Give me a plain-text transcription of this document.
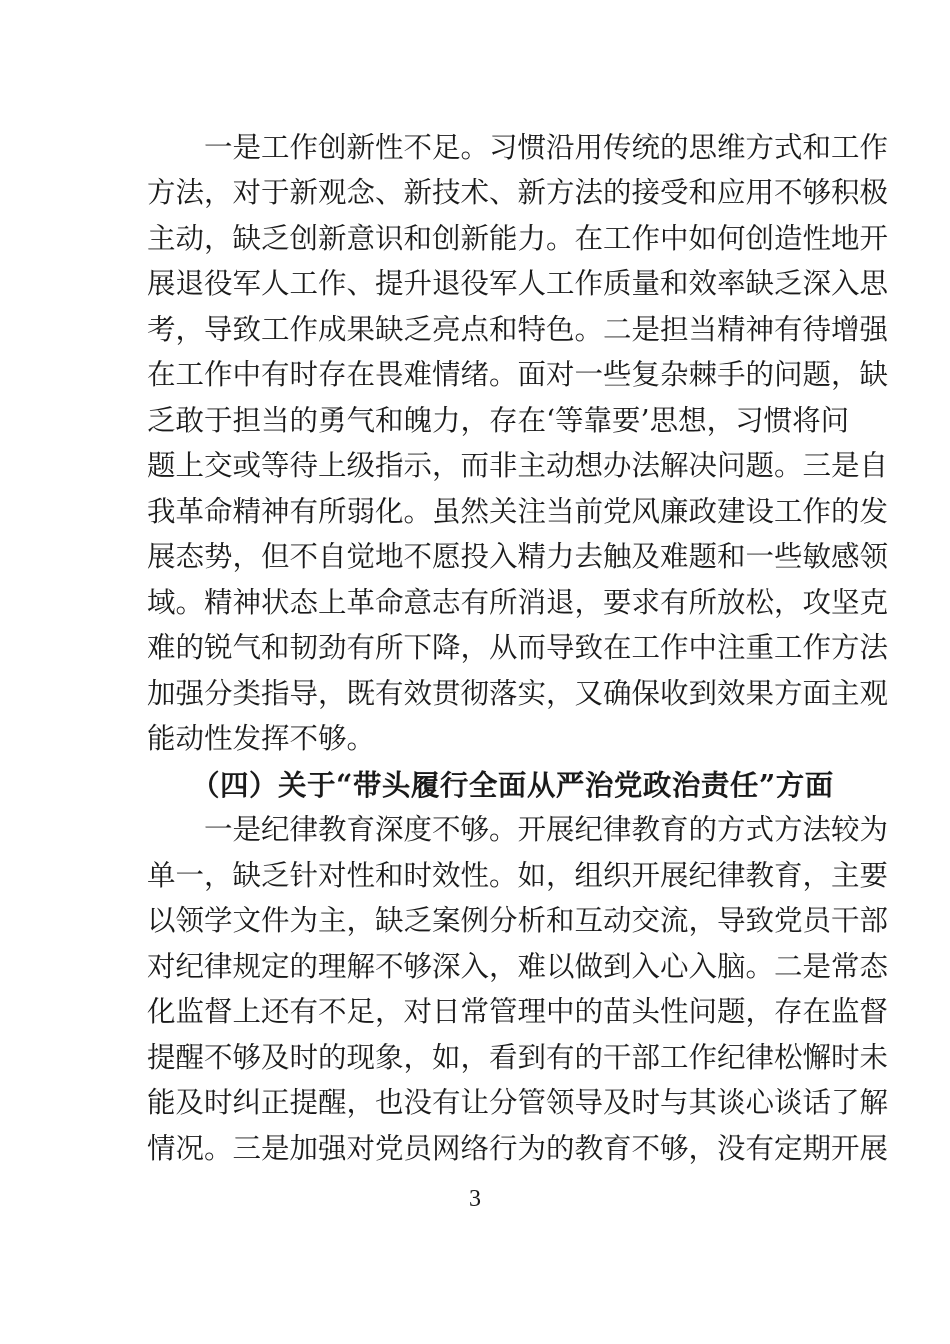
一是工作创新性不足。习惯沿用传统的思维方式和工作
方法，对于新观念、新技术、新方法的接受和应用不够积极
主动，缺乏创新意识和创新能力。在工作中如何创造性地开
展退役军人工作、提升退役军人工作质量和效率缺乏深入思
考，导致工作成果缺乏亮点和特色。二是担当精神有待增强
在工作中有时存在畏难情绪。面对一些复杂棘手的问题，缺
乏敢于担当的勇气和魄力，存在‘等靠要’思想，习惯将问
题上交或等待上级指示，而非主动想办法解决问题。三是自
我革命精神有所弱化。虽然关注当前党风廉政建设工作的发
展态势，但不自觉地不愿投入精力去触及难题和一些敏感领
域。精神状态上革命意志有所消退，要求有所放松，攻坚克
难的锐气和韧劲有所下降，从而导致在工作中注重工作方法
加强分类指导，既有效贯彻落实，又确保收到效果方面主观
能动性发挥不够。
（四）关于“带头履行全面从严治党政治责任”方面
一是纪律教育深度不够。开展纪律教育的方式方法较为
单一，缺乏针对性和时效性。如，组织开展纪律教育，主要
以领学文件为主，缺乏案例分析和互动交流，导致党员干部
对纪律规定的理解不够深入，难以做到入心入脑。二是常态
化监督上还有不足，对日常管理中的苗头性问题，存在监督
提醒不够及时的现象，如，看到有的干部工作纪律松懈时未
能及时纠正提醒，也没有让分管领导及时与其谈心谈话了解
情况。三是加强对党员网络行为的教育不够，没有定期开展
3
